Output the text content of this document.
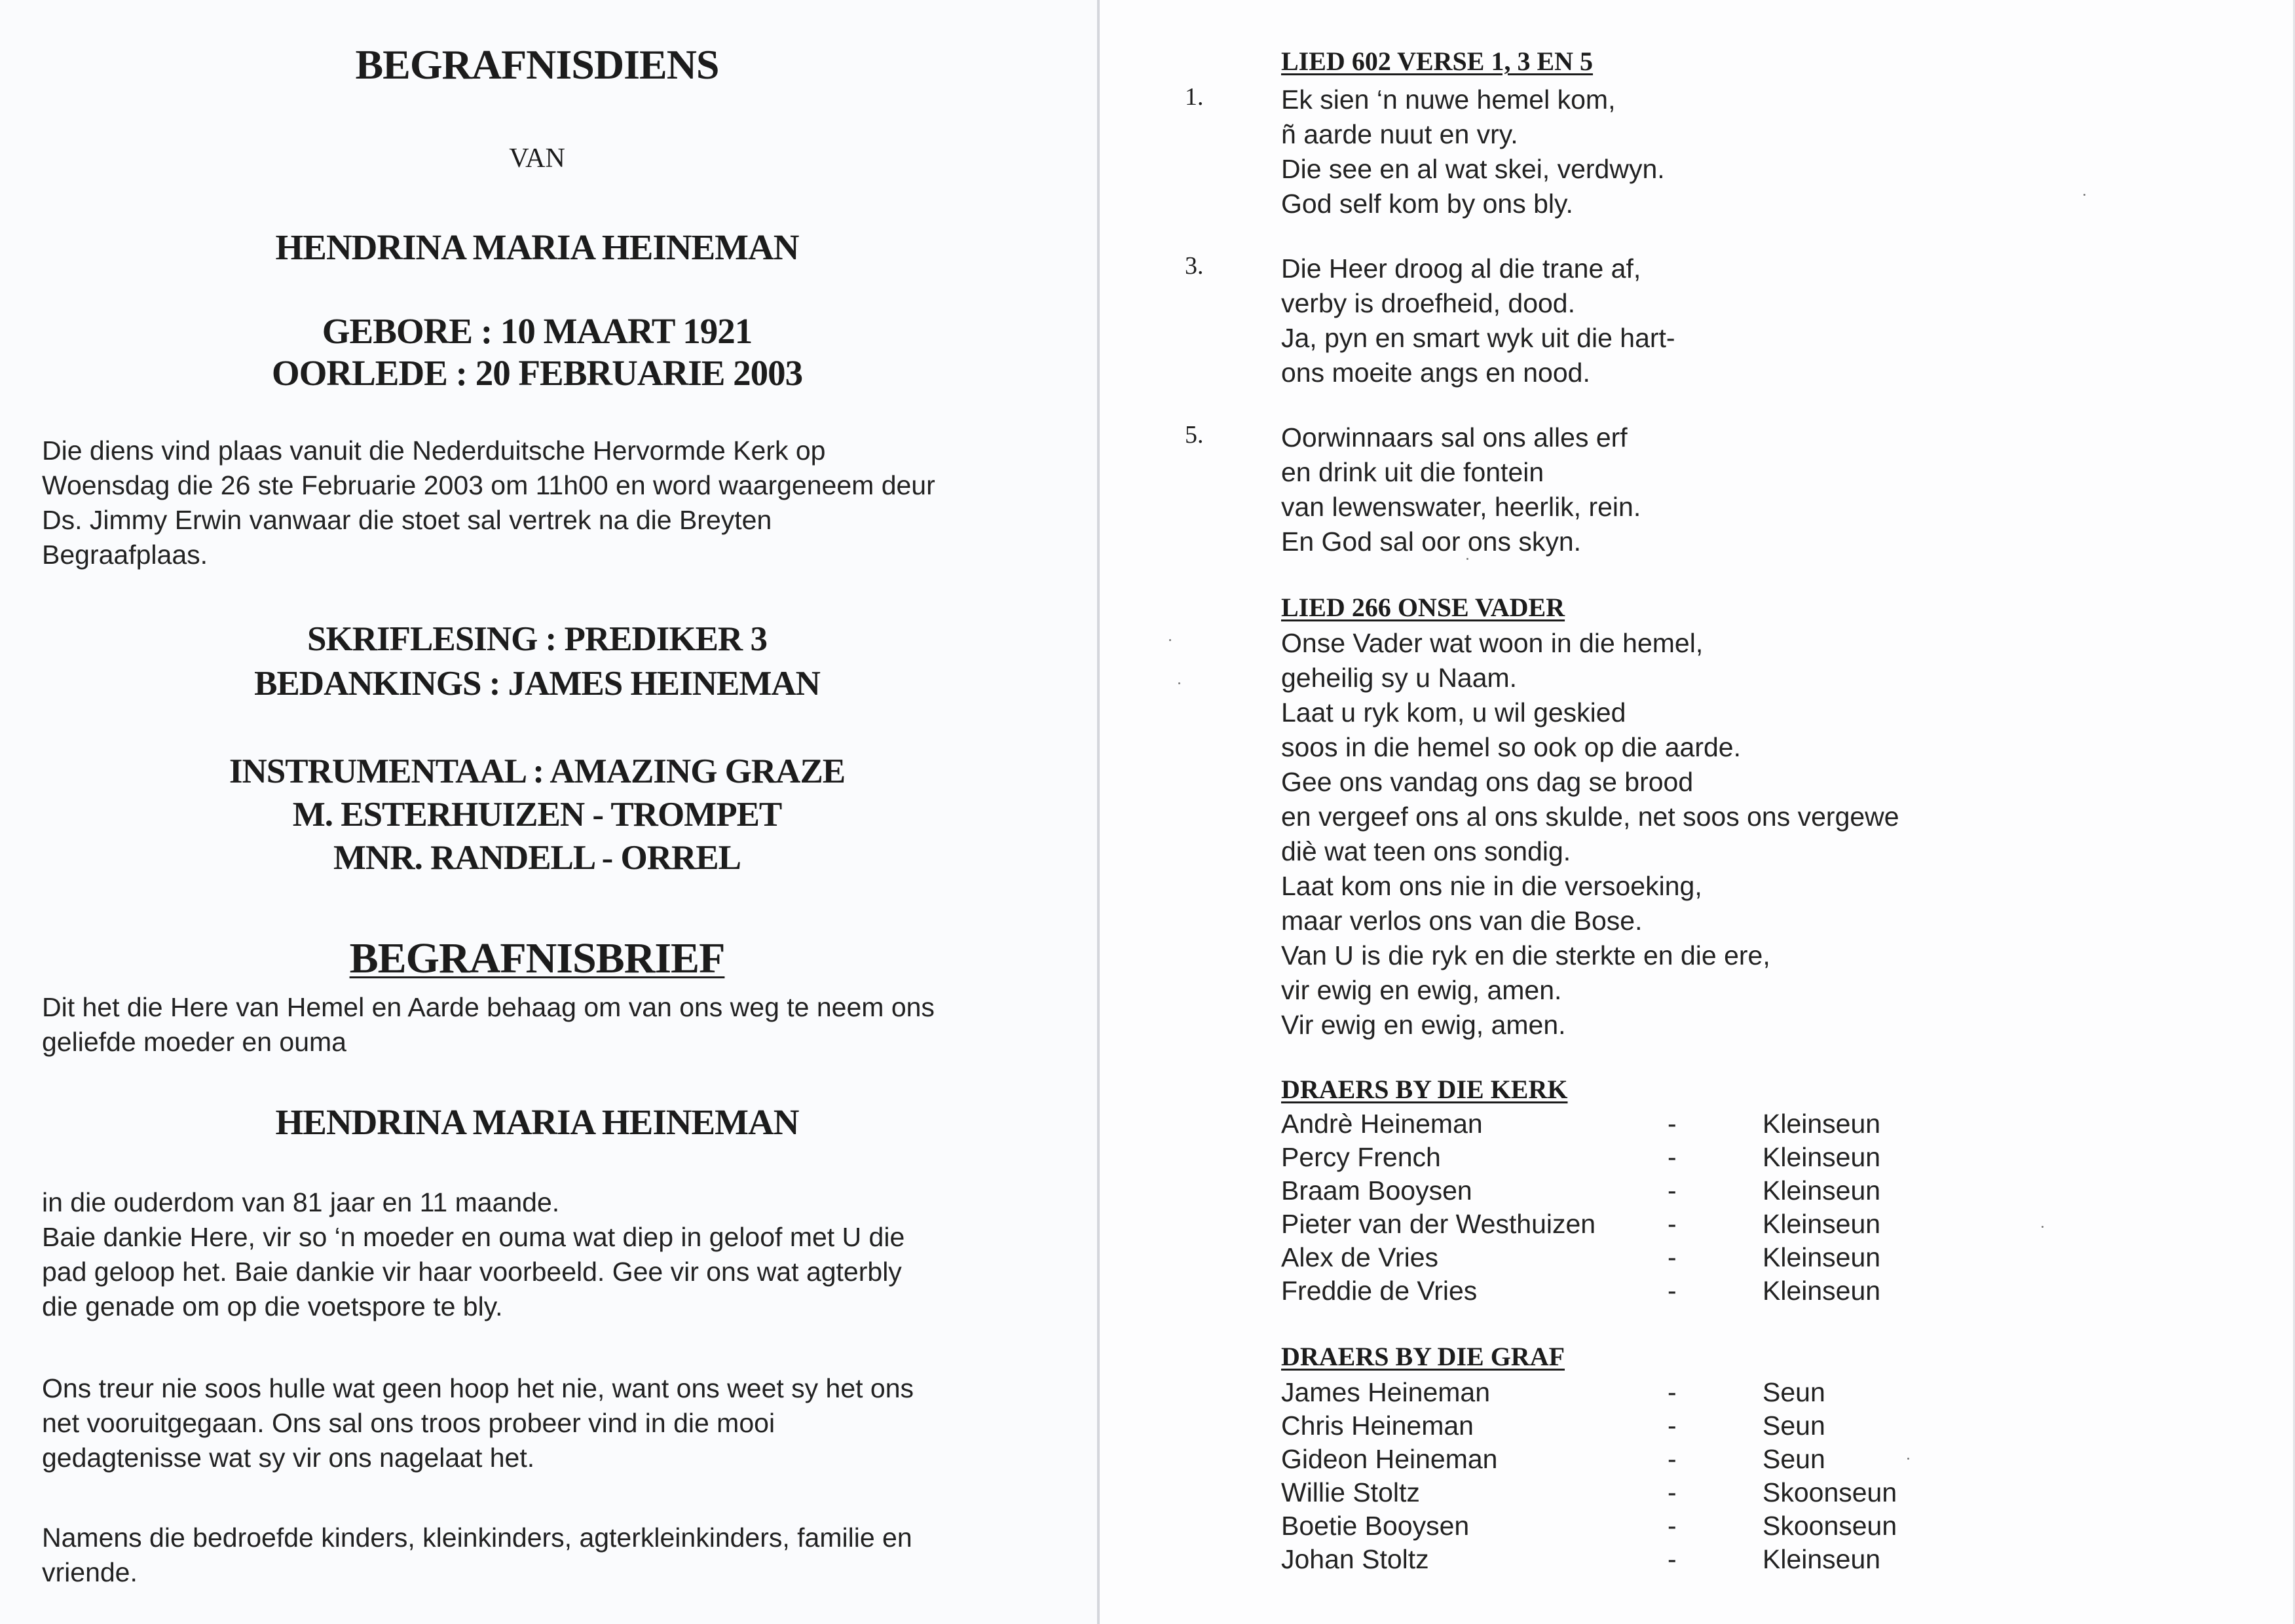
BEGRAFNISDIENS
VAN
HENDRINA MARIA HEINEMAN
GEBORE : 10 MAART 1921
OORLEDE : 20 FEBRUARIE 2003
Die diens vind plaas vanuit die Nederduitsche Hervormde Kerk op
Woensdag die 26 ste Februarie 2003 om 11h00 en word waargeneem deur
Ds. Jimmy Erwin vanwaar die stoet sal vertrek na die Breyten
Begraafplaas.
SKRIFLESING : PREDIKER 3
BEDANKINGS : JAMES HEINEMAN
INSTRUMENTAAL : AMAZING GRAZE
M. ESTERHUIZEN - TROMPET
MNR. RANDELL - ORREL
BEGRAFNISBRIEF
Dit het die Here van Hemel en Aarde behaag om van ons weg te neem ons
geliefde moeder en ouma
HENDRINA MARIA HEINEMAN
in die ouderdom van 81 jaar en 11 maande.
Baie dankie Here, vir so ‘n moeder en ouma wat diep in geloof met U die
pad geloop het. Baie dankie vir haar voorbeeld. Gee vir ons wat agterbly
die genade om op die voetspore te bly.
Ons treur nie soos hulle wat geen hoop het nie, want ons weet sy het ons
net vooruitgegaan. Ons sal ons troos probeer vind in die mooi
gedagtenisse wat sy vir ons nagelaat het.
Namens die bedroefde kinders, kleinkinders, agterkleinkinders, familie en
vriende.
LIED 602 VERSE 1, 3 EN 5
1.	Ek sien ‘n nuwe hemel kom,
ñ aarde nuut en vry.
Die see en al wat skei, verdwyn.
God self kom by ons bly.
3.	Die Heer droog al die trane af,
verby is droefheid, dood.
Ja, pyn en smart wyk uit die hart-
ons moeite angs en nood.
5.	Oorwinnaars sal ons alles erf
en drink uit die fontein
van lewenswater, heerlik, rein.
En God sal oor ons skyn.
LIED 266 ONSE VADER
Onse Vader wat woon in die hemel,
geheilig sy u Naam.
Laat u ryk kom, u wil geskied
soos in die hemel so ook op die aarde.
Gee ons vandag ons dag se brood
en vergeef ons al ons skulde, net soos ons vergewe
diè wat teen ons sondig.
Laat kom ons nie in die versoeking,
maar verlos ons van die Bose.
Van U is die ryk en die sterkte en die ere,
vir ewig en ewig, amen.
Vir ewig en ewig, amen.
DRAERS BY DIE KERK
Andrè Heineman	-	Kleinseun
Percy French	-	Kleinseun
Braam Booysen	-	Kleinseun
Pieter van der Westhuizen	-	Kleinseun
Alex de Vries	-	Kleinseun
Freddie de Vries	-	Kleinseun
DRAERS BY DIE GRAF
James Heineman	-	Seun
Chris Heineman	-	Seun
Gideon Heineman	-	Seun
Willie Stoltz	-	Skoonseun
Boetie Booysen	-	Skoonseun
Johan Stoltz	-	Kleinseun
